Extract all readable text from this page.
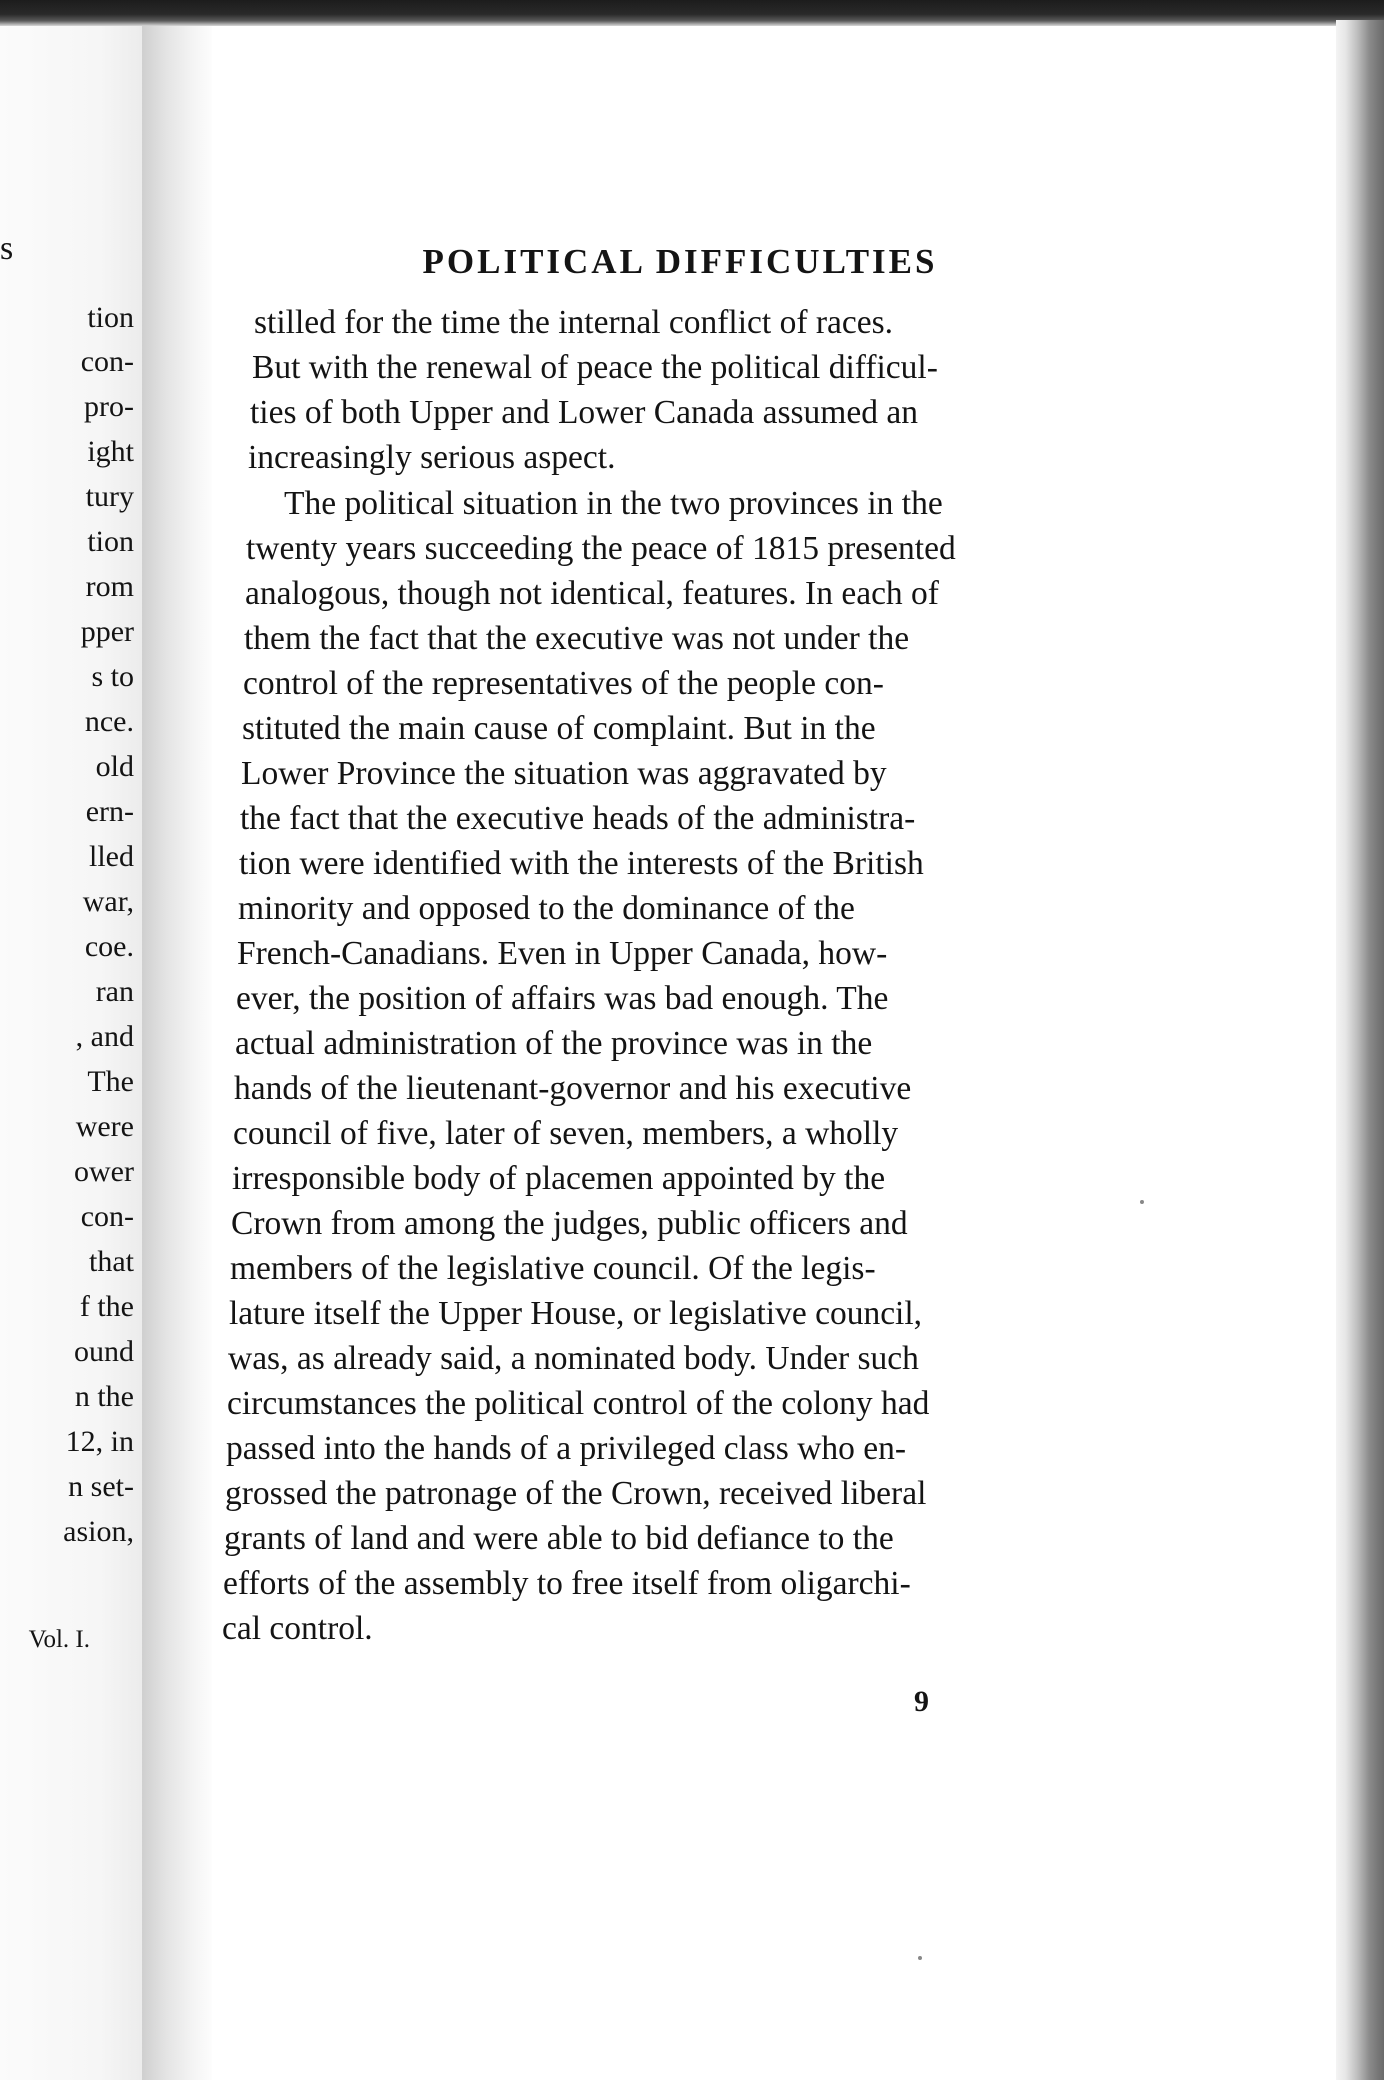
s

tion

con-

pro-

ight

tury

tion

rom

pper

s to

nce.

old

ern-

lled

war,

coe.

ran

, and

The

were

ower

con-

that

f the

ound

n the

12, in

n set-

asion,

Vol. I.
POLITICAL DIFFICULTIES

stilled for the time the internal conflict of races.

But with the renewal of peace the political difficul-

ties of both Upper and Lower Canada assumed an

increasingly serious aspect.

The political situation in the two provinces in the

twenty years succeeding the peace of 1815 presented

analogous, though not identical, features. In each of

them the fact that the executive was not under the

control of the representatives of the people con-

stituted the main cause of complaint. But in the

Lower Province the situation was aggravated by

the fact that the executive heads of the administra-

tion were identified with the interests of the British

minority and opposed to the dominance of the

French-Canadians. Even in Upper Canada, how-

ever, the position of affairs was bad enough. The

actual administration of the province was in the

hands of the lieutenant-governor and his executive

council of five, later of seven, members, a wholly

irresponsible body of placemen appointed by the

Crown from among the judges, public officers and

members of the legislative council. Of the legis-

lature itself the Upper House, or legislative council,

was, as already said, a nominated body. Under such

circumstances the political control of the colony had

passed into the hands of a privileged class who en-

grossed the patronage of the Crown, received liberal

grants of land and were able to bid defiance to the

efforts of the assembly to free itself from oligarchi-

cal control.

9
